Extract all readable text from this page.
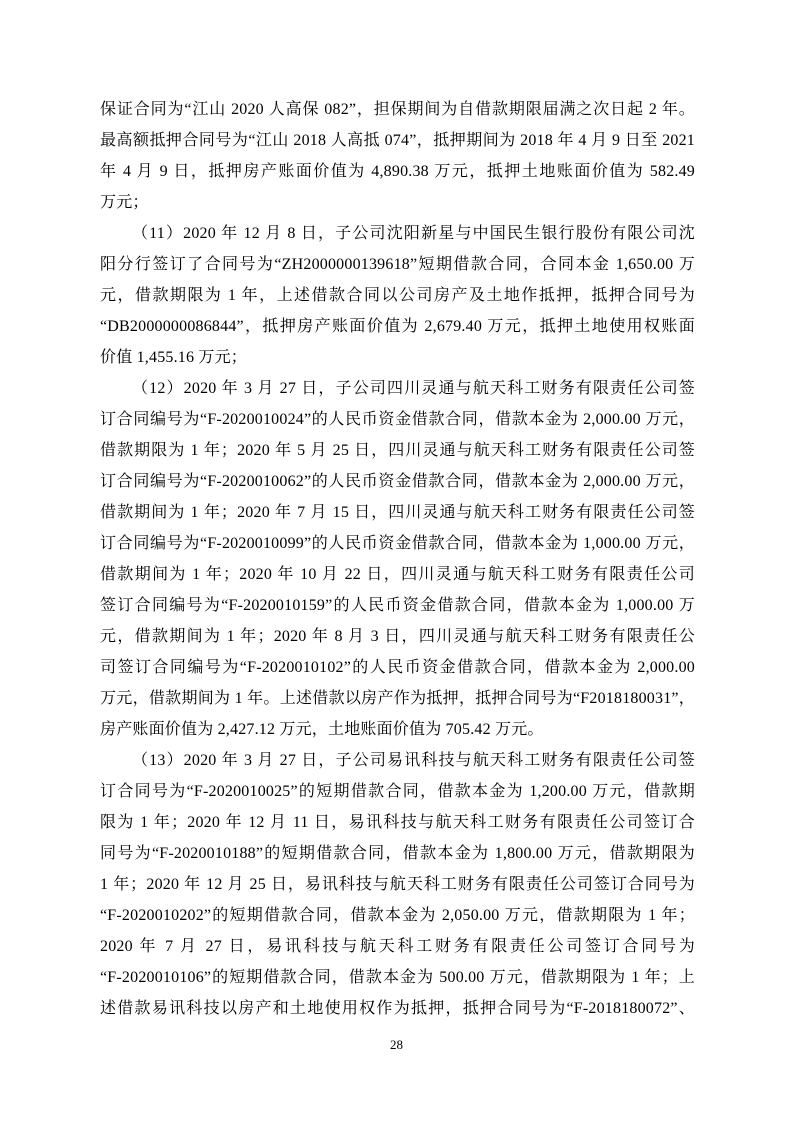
保证合同为“江山 2020 人高保 082”，担保期间为自借款期限届满之次日起 2 年。
最高额抵押合同号为“江山 2018 人高抵 074”，抵押期间为 2018 年 4 月 9 日至 2021
年 4 月 9 日，抵押房产账面价值为 4,890.38 万元，抵押土地账面价值为 582.49
万元；
（11）2020 年 12 月 8 日，子公司沈阳新星与中国民生银行股份有限公司沈
阳分行签订了合同号为“ZH2000000139618”短期借款合同，合同本金 1,650.00 万
元，借款期限为 1 年，上述借款合同以公司房产及土地作抵押，抵押合同号为
“DB2000000086844”，抵押房产账面价值为 2,679.40 万元，抵押土地使用权账面
价值 1,455.16 万元；
（12）2020 年 3 月 27 日，子公司四川灵通与航天科工财务有限责任公司签
订合同编号为“F-2020010024”的人民币资金借款合同，借款本金为 2,000.00 万元，
借款期限为 1 年；2020 年 5 月 25 日，四川灵通与航天科工财务有限责任公司签
订合同编号为“F-2020010062”的人民币资金借款合同，借款本金为 2,000.00 万元，
借款期间为 1 年；2020 年 7 月 15 日，四川灵通与航天科工财务有限责任公司签
订合同编号为“F-2020010099”的人民币资金借款合同，借款本金为 1,000.00 万元，
借款期间为 1 年；2020 年 10 月 22 日，四川灵通与航天科工财务有限责任公司
签订合同编号为“F-2020010159”的人民币资金借款合同，借款本金为 1,000.00 万
元，借款期间为 1 年；2020 年 8 月 3 日，四川灵通与航天科工财务有限责任公
司签订合同编号为“F-2020010102”的人民币资金借款合同，借款本金为 2,000.00
万元，借款期间为 1 年。上述借款以房产作为抵押，抵押合同号为“F2018180031”，
房产账面价值为 2,427.12 万元，土地账面价值为 705.42 万元。
（13）2020 年 3 月 27 日，子公司易讯科技与航天科工财务有限责任公司签
订合同号为“F-2020010025”的短期借款合同，借款本金为 1,200.00 万元，借款期
限为 1 年；2020 年 12 月 11 日，易讯科技与航天科工财务有限责任公司签订合
同号为“F-2020010188”的短期借款合同，借款本金为 1,800.00 万元，借款期限为
1 年；2020 年 12 月 25 日，易讯科技与航天科工财务有限责任公司签订合同号为
“F-2020010202”的短期借款合同，借款本金为 2,050.00 万元，借款期限为 1 年；
2020 年 7 月 27 日，易讯科技与航天科工财务有限责任公司签订合同号为
“F-2020010106”的短期借款合同，借款本金为 500.00 万元，借款期限为 1 年；上
述借款易讯科技以房产和土地使用权作为抵押，抵押合同号为“F-2018180072”、
28
